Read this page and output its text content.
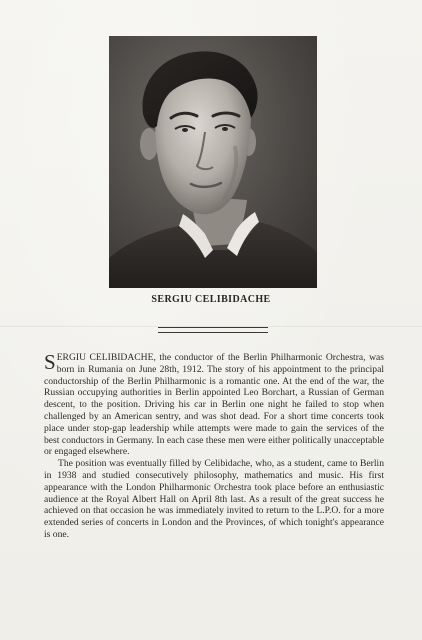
SERGIU CELIBIDACHE

SERGIU CELIBIDACHE, the conductor of the Berlin Philharmonic Orchestra, was born in Rumania on June 28th, 1912. The story of his appointment to the principal conductorship of the Berlin Philharmonic is a romantic one. At the end of the war, the Russian occupying authorities in Berlin appointed Leo Borchart, a Russian of German descent, to the position. Driving his car in Berlin one night he failed to stop when challenged by an American sentry, and was shot dead. For a short time concerts took place under stop-gap leadership while attempts were made to gain the services of the best conductors in Germany. In each case these men were either politically unacceptable or engaged elsewhere.

The position was eventually filled by Celibidache, who, as a student, came to Berlin in 1938 and studied consecutively philosophy, mathematics and music. His first appearance with the London Philharmonic Orchestra took place before an enthusiastic audience at the Royal Albert Hall on April 8th last. As a result of the great success he achieved on that occasion he was immediately invited to return to the L.P.O. for a more extended series of concerts in London and the Provinces, of which tonight's appearance is one.
